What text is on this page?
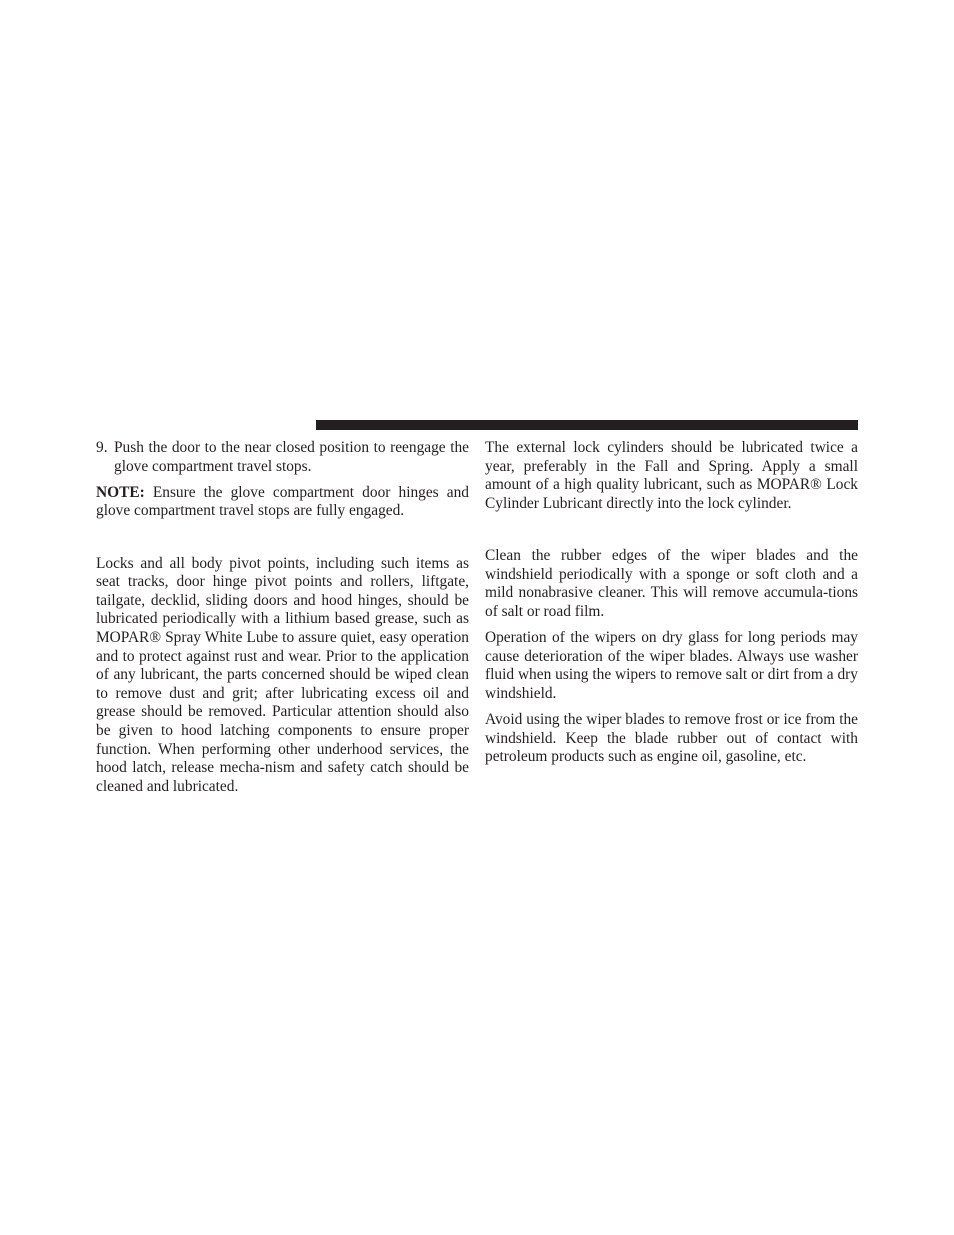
9. Push the door to the near closed position to reengage the glove compartment travel stops.

NOTE: Ensure the glove compartment door hinges and glove compartment travel stops are fully engaged.

Locks and all body pivot points, including such items as seat tracks, door hinge pivot points and rollers, liftgate, tailgate, decklid, sliding doors and hood hinges, should be lubricated periodically with a lithium based grease, such as MOPAR® Spray White Lube to assure quiet, easy operation and to protect against rust and wear. Prior to the application of any lubricant, the parts concerned should be wiped clean to remove dust and grit; after lubricating excess oil and grease should be removed. Particular attention should also be given to hood latching components to ensure proper function. When performing other underhood services, the hood latch, release mecha-nism and safety catch should be cleaned and lubricated.

The external lock cylinders should be lubricated twice a year, preferably in the Fall and Spring. Apply a small amount of a high quality lubricant, such as MOPAR® Lock Cylinder Lubricant directly into the lock cylinder.

Clean the rubber edges of the wiper blades and the windshield periodically with a sponge or soft cloth and a mild nonabrasive cleaner. This will remove accumula-tions of salt or road film.

Operation of the wipers on dry glass for long periods may cause deterioration of the wiper blades. Always use washer fluid when using the wipers to remove salt or dirt from a dry windshield.

Avoid using the wiper blades to remove frost or ice from the windshield. Keep the blade rubber out of contact with petroleum products such as engine oil, gasoline, etc.
